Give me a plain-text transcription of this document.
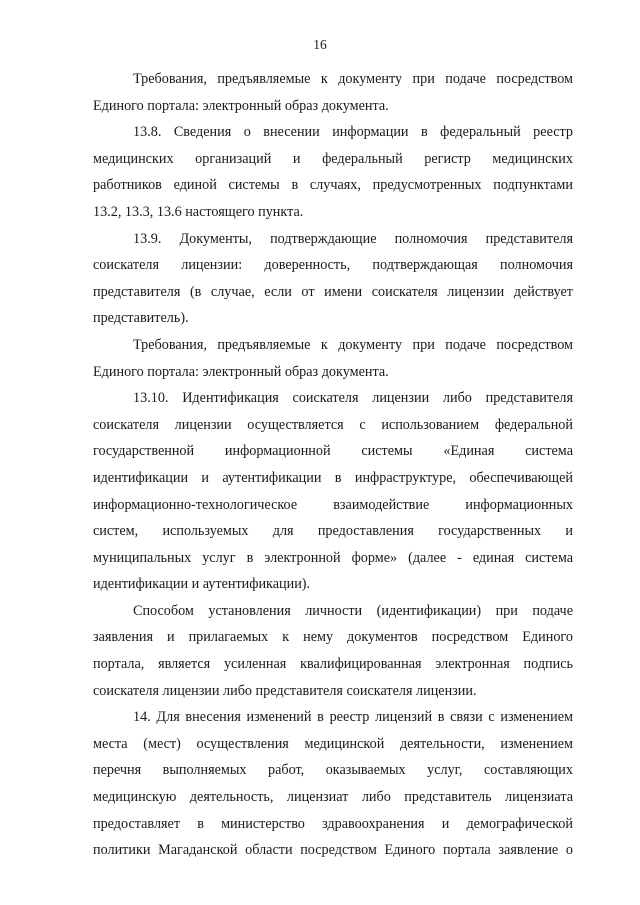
16

Требования, предъявляемые к документу при подаче посредством
Единого портала: электронный образ документа.
13.8. Сведения о внесении информации в федеральный реестр
медицинских организаций и федеральный регистр медицинских
работников единой системы в случаях, предусмотренных подпунктами
13.2, 13.3, 13.6 настоящего пункта.
13.9. Документы, подтверждающие полномочия представителя
соискателя лицензии: доверенность, подтверждающая полномочия
представителя (в случае, если от имени соискателя лицензии действует
представитель).
Требования, предъявляемые к документу при подаче посредством
Единого портала: электронный образ документа.
13.10. Идентификация соискателя лицензии либо представителя
соискателя лицензии осуществляется с использованием федеральной
государственной информационной системы «Единая система
идентификации и аутентификации в инфраструктуре, обеспечивающей
информационно-технологическое взаимодействие информационных
систем, используемых для предоставления государственных и
муниципальных услуг в электронной форме» (далее - единая система
идентификации и аутентификации).
Способом установления личности (идентификации) при подаче
заявления и прилагаемых к нему документов посредством Единого
портала, является усиленная квалифицированная электронная подпись
соискателя лицензии либо представителя соискателя лицензии.
14. Для внесения изменений в реестр лицензий в связи с изменением
места (мест) осуществления медицинской деятельности, изменением
перечня выполняемых работ, оказываемых услуг, составляющих
медицинскую деятельность, лицензиат либо представитель лицензиата
предоставляет в министерство здравоохранения и демографической
политики Магаданской области посредством Единого портала заявление о
